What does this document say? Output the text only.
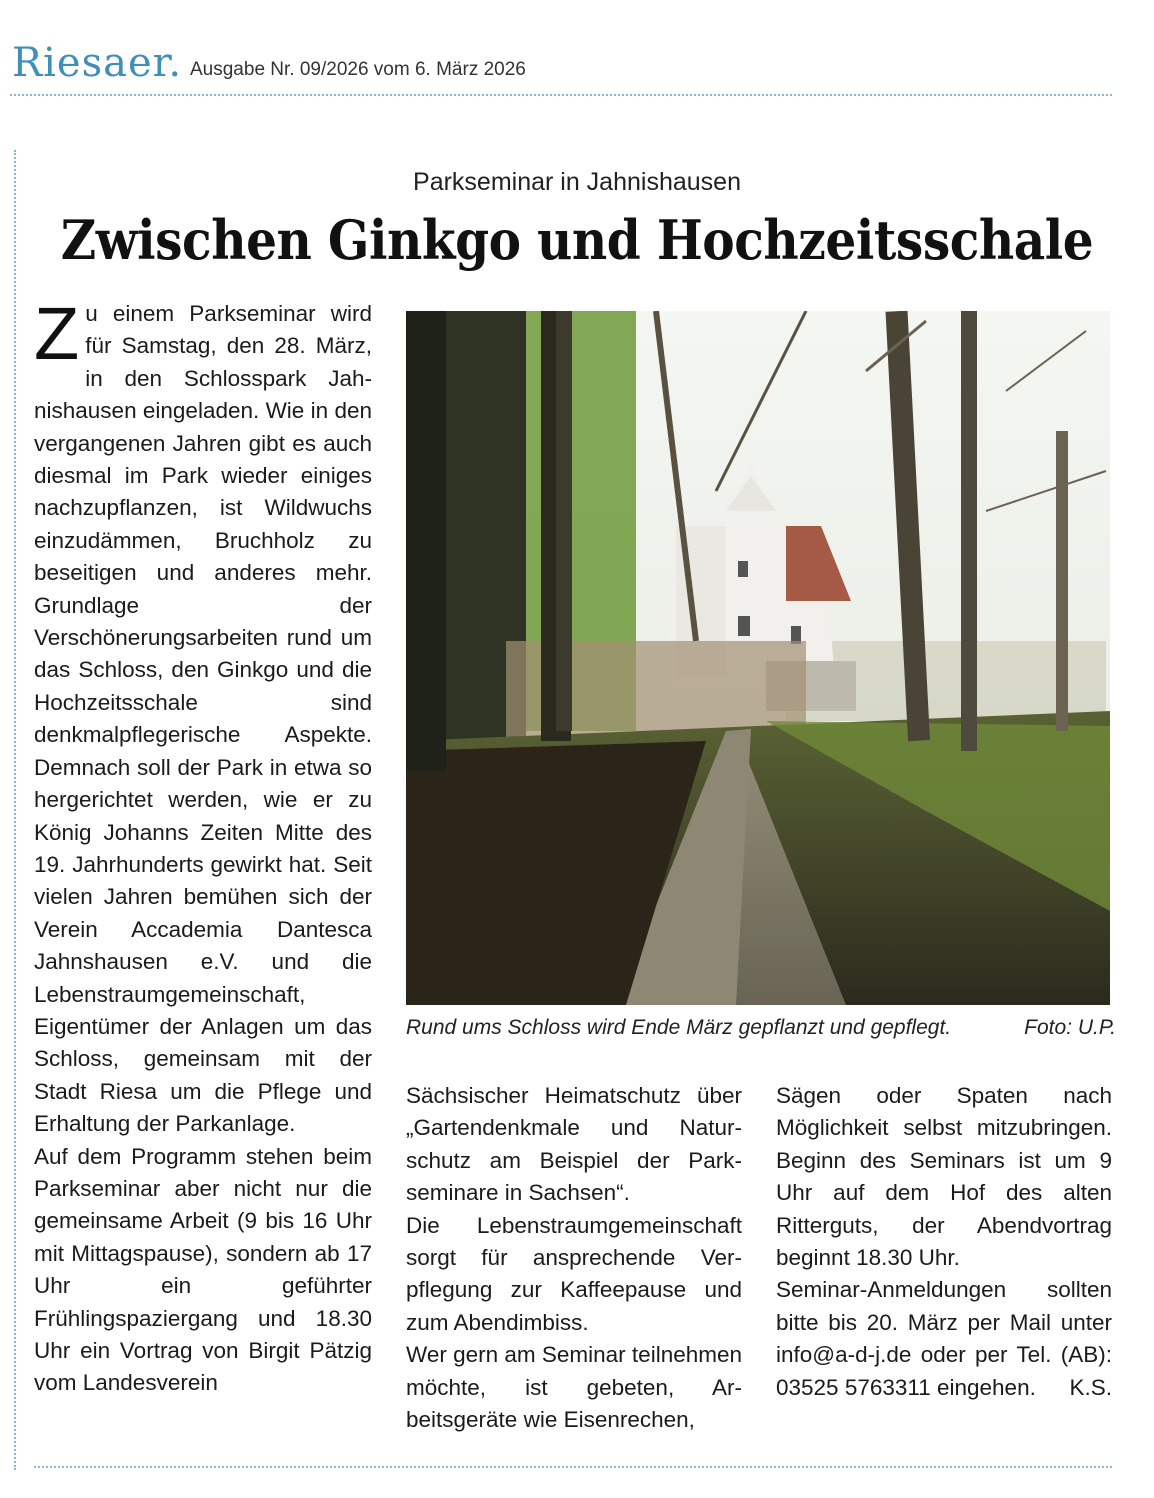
Riesaer. Ausgabe Nr. 09/2026 vom 6. März 2026
Parkseminar in Jahnishausen
Zwischen Ginkgo und Hochzeitsschale

Zu einem Parkseminar wird für Samstag, den 28. März, in den Schlosspark Jahnishausen eingeladen. Wie in den vergangenen Jahren gibt es auch diesmal im Park wieder einiges nachzupflanzen, ist Wildwuchs einzudämmen, Bruchholz zu beseitigen und anderes mehr. Grundlage der Verschönerungsarbeiten rund um das Schloss, den Ginkgo und die Hochzeitsschale sind denkmalpflegerische Aspekte. Demnach soll der Park in etwa so hergerichtet werden, wie er zu König Johanns Zeiten Mitte des 19. Jahrhunderts gewirkt hat. Seit vielen Jahren bemühen sich der Verein Accademia Dantesca Jahnshausen e.V. und die Lebenstraumgemeinschaft, Eigentümer der Anlagen um das Schloss, gemeinsam mit der Stadt Riesa um die Pflege und Erhaltung der Parkanlage.

Auf dem Programm stehen beim Parkseminar aber nicht nur die gemeinsame Arbeit (9 bis 16 Uhr mit Mittagspause), sondern ab 17 Uhr ein geführter Frühlingspaziergang und 18.30 Uhr ein Vortrag von Birgit Pätzig vom Landesverein

Rund ums Schloss wird Ende März gepflanzt und gepflegt.	Foto: U.P.

Sächsischer Heimatschutz über „Gartendenkmale und Naturschutz am Beispiel der Parkseminare in Sachsen“.

Die Lebenstraumgemeinschaft sorgt für ansprechende Verpflegung zur Kaffeepause und zum Abendimbiss.

Wer gern am Seminar teilnehmen möchte, ist gebeten, Arbeitsgeräte wie Eisenrechen,

Sägen oder Spaten nach Möglichkeit selbst mitzubringen. Beginn des Seminars ist um 9 Uhr auf dem Hof des alten Ritterguts, der Abendvortrag beginnt 18.30 Uhr.

Seminar-Anmeldungen sollten bitte bis 20. März per Mail unter info@a-d-j.de oder per Tel. (AB): 03525 5763311 eingehen. K.S.
